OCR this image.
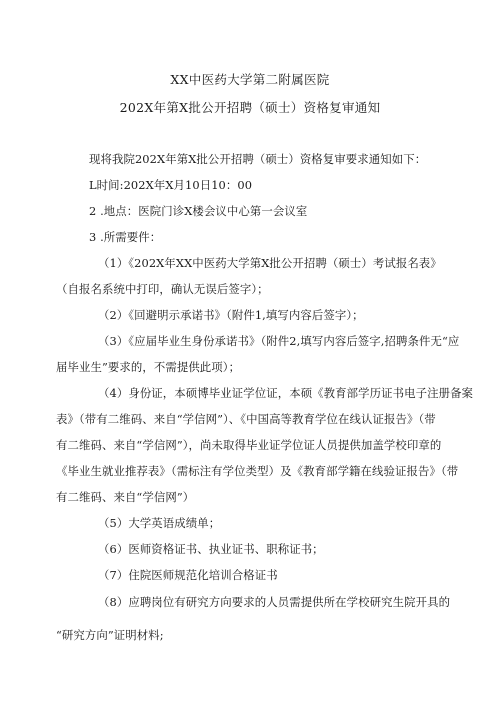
XX中医药大学第二附属医院
202X年第X批公开招聘（硕士）资格复审通知
现将我院202X年第X批公开招聘（硕士）资格复审要求通知如下：
L时间:202X年X月10日10：00
2 .地点：医院门诊X楼会议中心第一会议室
3 .所需要件：
（1）《202X年XX中医药大学第X批公开招聘（硕士）考试报名表》
（自报名系统中打印，确认无误后签字）；
（2）《回避明示承诺书》（附件1,填写内容后签字）；
（3）《应届毕业生身份承诺书》（附件2,填写内容后签字,招聘条件无“应
届毕业生”要求的，不需提供此项）；
（4）身份证，本硕博毕业证学位证，本硕《教育部学历证书电子注册备案
表》（带有二维码、来自“学信网”）、《中国高等教育学位在线认证报告》（带
有二维码、来自“学信网”），尚未取得毕业证学位证人员提供加盖学校印章的
《毕业生就业推荐表》（需标注有学位类型）及《教育部学籍在线验证报告》（带
有二维码、来自“学信网”）
（5）大学英语成绩单；
（6）医师资格证书、执业证书、职称证书；
（7）住院医师规范化培训合格证书
（8）应聘岗位有研究方向要求的人员需提供所在学校研究生院开具的
“研究方向”证明材料;
